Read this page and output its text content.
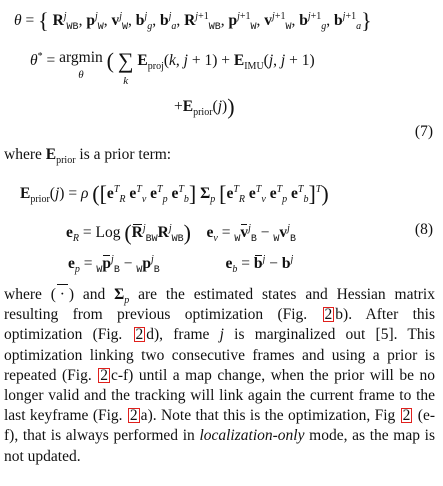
θ = { $R^j_{WB}$, $p^j_W$, $v^j_W$, $b^j_g$, $b^j_a$, $R^{j+1}_{WB}$, $p^{j+1}_W$, $v^{j+1}_W$, $b^{j+1}_g$, $b^{j+1}_a$}
θ* = argmin
θ ( ∑
k $E_{proj}(k$, $j + 1) + E_{IMU}(j$, j + 1)
$+E_{prior}(j)$)
(7)
where $E_{prior}$ is a prior term:
$E_{prior}(j) = \rho$ ([$e^T_R$ $e^T_v$ $e^T_p$ $e^T_b$] $\Sigma_p$ [$e^T_R$ $e^T_v$ $e^T_p$ $e^T_b]^T$)
$e_R$ = Log $(R^j_{BW}R^j_{WB}) e_v = _Wv^j_B - _Wv^j_B$
(8)
$e_p = _Wp^j_B - _Wp^j_B$	$e_b = b^j - b^j$
where ( · ) and $\Sigma_p$ are the estimated states and Hessian matrix resulting from previous optimization (Fig. 2 b). After this optimization (Fig. 2 d), frame j is marginalized out [5]. This optimization linking two consecutive frames and using a prior is repeated (Fig. 2 c-f) until a map change, when the prior will be no longer valid and the tracking will link again the current frame to the last keyframe (Fig. 2 a). Note that this is the optimization, Fig 2 (e-f), that is always performed in localization-only mode, as the map is not updated.
